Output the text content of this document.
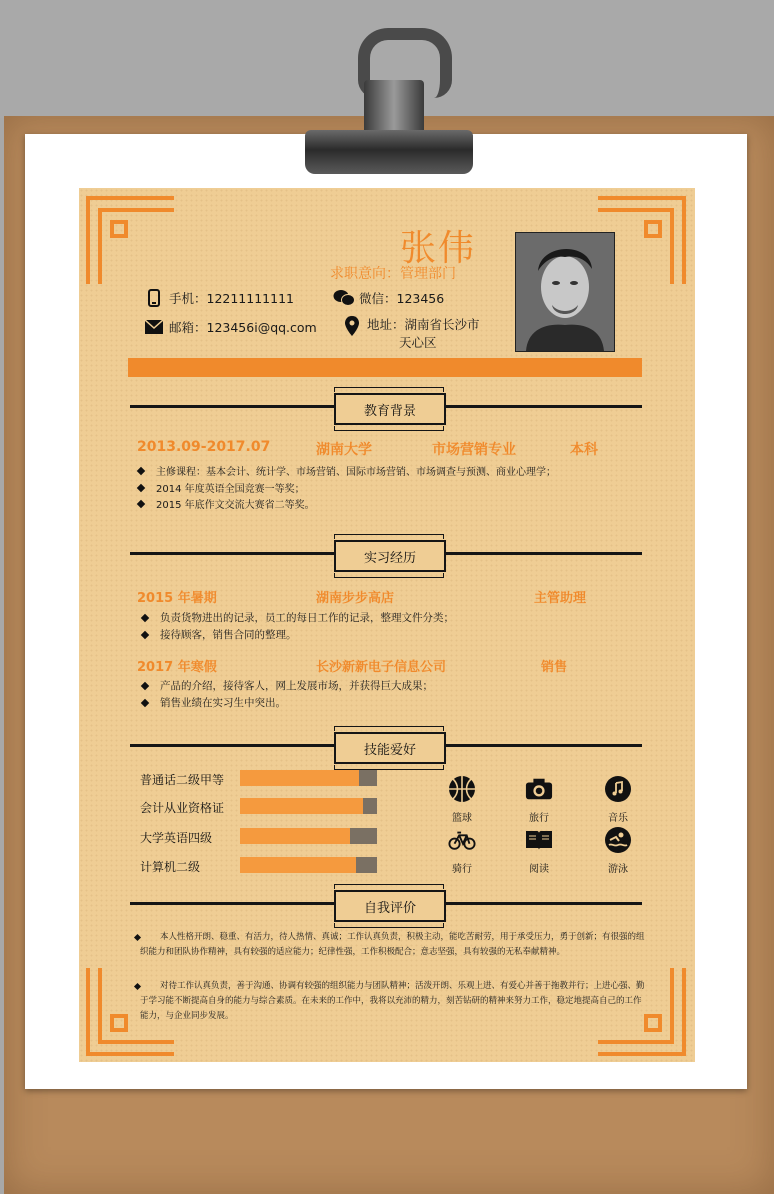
张伟
求职意向：管理部门
手机：12211111111	微信：123456
邮箱：123456i@qq.com	地址：湖南省长沙市
天心区
教育背景
2013.09-2017.07	湖南大学	市场营销专业	本科
主修课程：基本会计、统计学、市场营销、国际市场营销、市场调查与预测、商业心理学；
2014 年度英语全国竞赛一等奖；
2015 年底作文交流大赛省二等奖。
实习经历
2015 年暑期	湖南步步高店	主管助理
负责货物进出的记录，员工的每日工作的记录，整理文件分类；
接待顾客，销售合同的整理。
2017 年寒假	长沙新新电子信息公司	销售
产品的介绍，接待客人，网上发展市场，并获得巨大成果；
销售业绩在实习生中突出。
技能爱好
普通话二级甲等
会计从业资格证
大学英语四级
计算机二级
篮球	旅行	音乐
骑行	阅读	游泳
自我评价
本人性格开朗、稳重、有活力，待人热情、真诚；工作认真负责，积极主动，能吃苦耐劳，用于承受压力，勇于创新；有很强的组织能力和团队协作精神，具有较强的适应能力；纪律性强，工作积极配合；意志坚强，具有较强的无私奉献精神。
对待工作认真负责，善于沟通、协调有较强的组织能力与团队精神；活泼开朗、乐观上进、有爱心并善于拖教并行；上进心强、勤于学习能不断提高自身的能力与综合素质。在未来的工作中，我将以充沛的精力，刻苦钻研的精神来努力工作，稳定地提高自己的工作能力，与企业同步发展。
